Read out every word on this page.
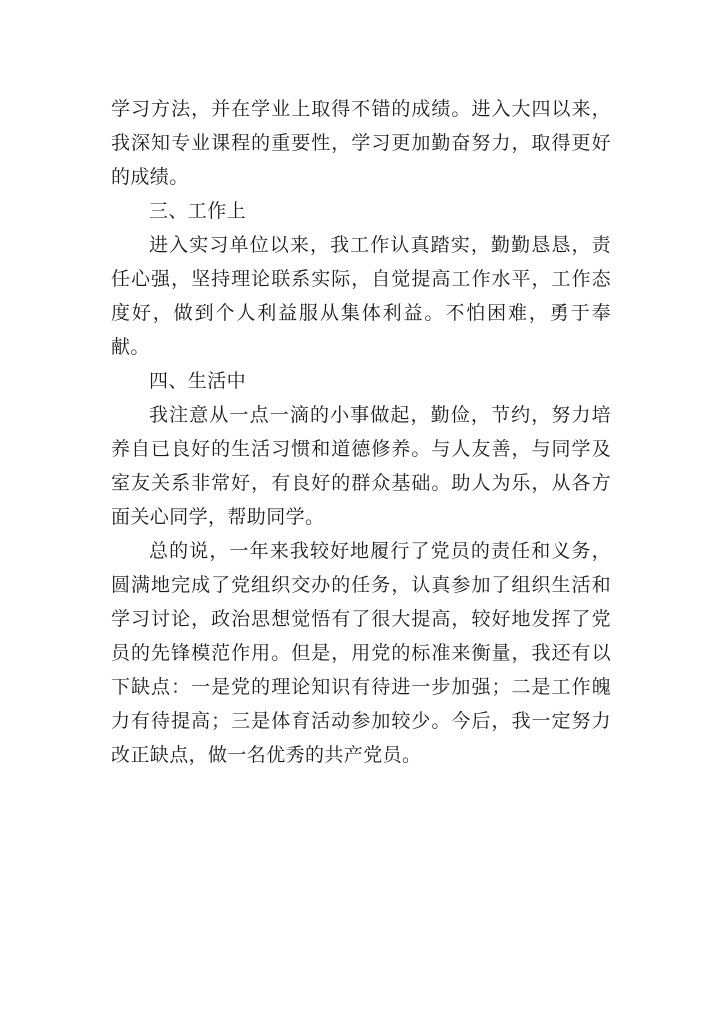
学习方法，并在学业上取得不错的成绩。进入大四以来，我深知专业课程的重要性，学习更加勤奋努力，取得更好的成绩。

三、工作上

进入实习单位以来，我工作认真踏实，勤勤恳恳，责任心强，坚持理论联系实际，自觉提高工作水平，工作态度好，做到个人利益服从集体利益。不怕困难，勇于奉献。

四、生活中

我注意从一点一滴的小事做起，勤俭，节约，努力培养自已良好的生活习惯和道德修养。与人友善，与同学及室友关系非常好，有良好的群众基础。助人为乐，从各方面关心同学，帮助同学。

总的说，一年来我较好地履行了党员的责任和义务，圆满地完成了党组织交办的任务，认真参加了组织生活和学习讨论，政治思想觉悟有了很大提高，较好地发挥了党员的先锋模范作用。但是，用党的标准来衡量，我还有以下缺点：一是党的理论知识有待进一步加强；二是工作魄力有待提高；三是体育活动参加较少。今后，我一定努力改正缺点，做一名优秀的共产党员。
